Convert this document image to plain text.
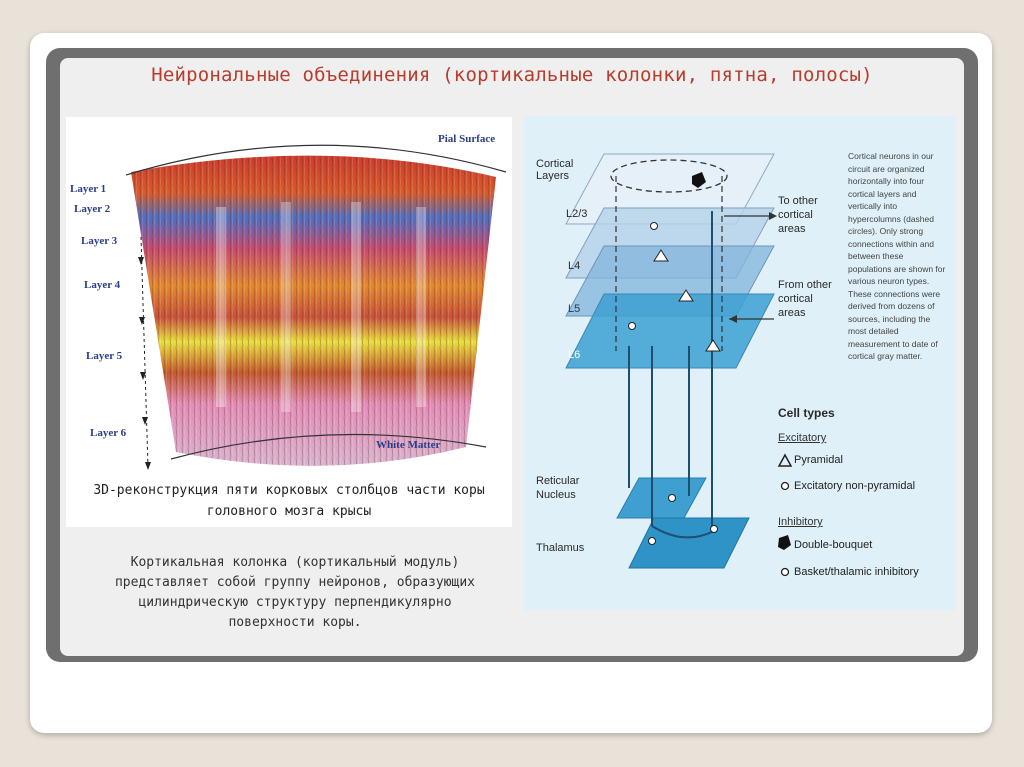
Нейрональные объединения (кортикальные колонки, пятна, полосы)
Pial Surface
White Matter
Layer 1
Layer 2
Layer 3
Layer 4
Layer 5
Layer 6
3D-реконструкция пяти корковых столбцов части коры
головного мозга крысы
Кортикальная колонка (кортикальный модуль)
представляет собой группу нейронов, образующих
цилиндрическую структуру перпендикулярно
поверхности коры.
Cortical Layers
L2/3
L4
L5
L6
To other cortical areas
From other cortical areas
Reticular Nucleus
Thalamus
Cortical neurons in our circuit are organized horizontally into four cortical layers and vertically into hypercolumns (dashed circles). Only strong connections within and between these populations are shown for various neuron types. These connections were derived from dozens of sources, including the most detailed measurement to date of cortical gray matter.
Cell types
Excitatory
Pyramidal
Excitatory non-pyramidal
Inhibitory
Double-bouquet
Basket/thalamic inhibitory
